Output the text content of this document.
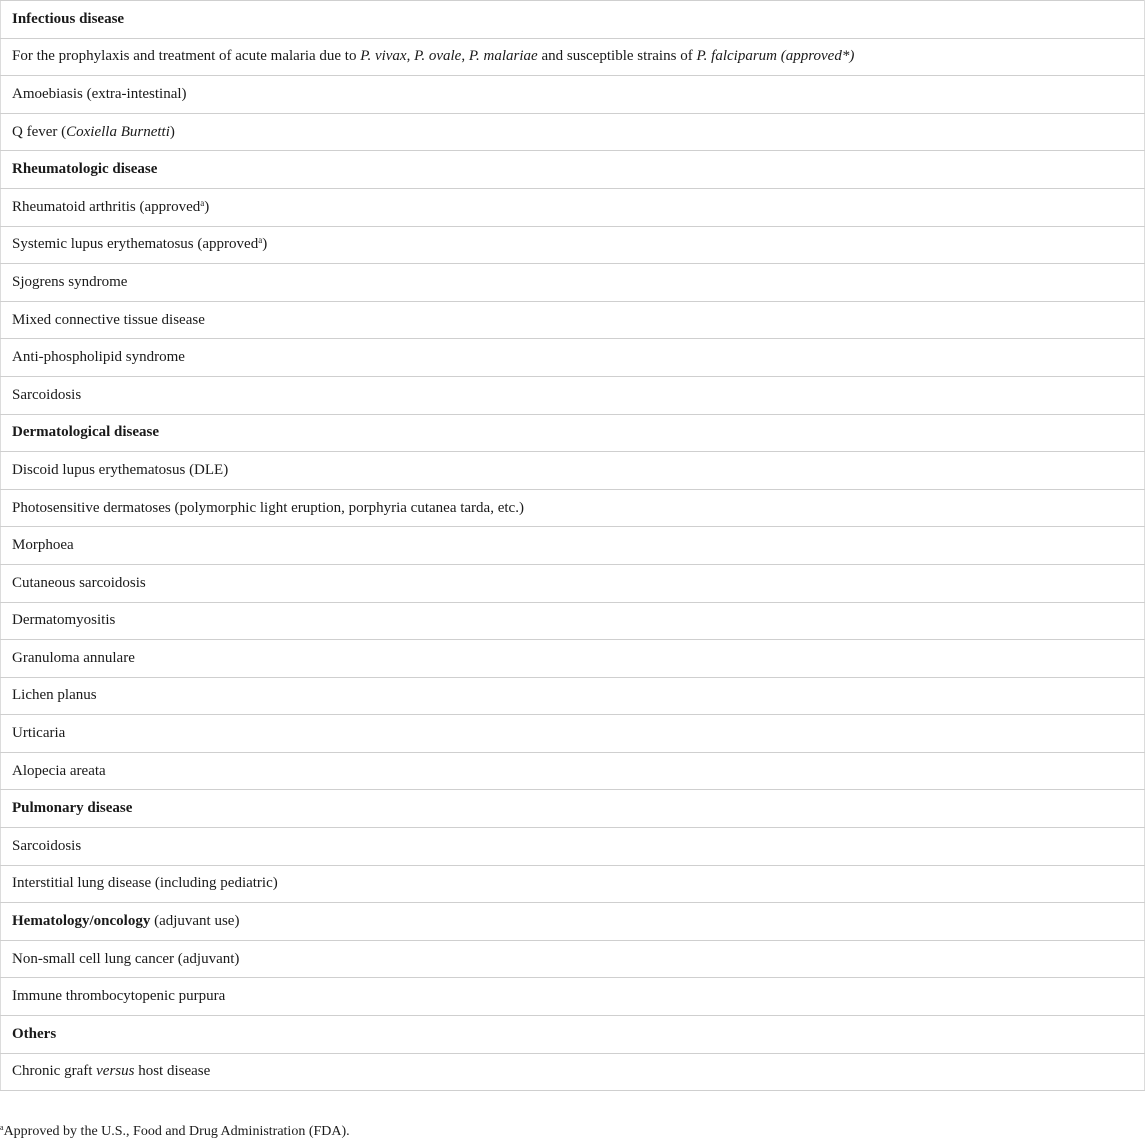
Infectious disease
For the prophylaxis and treatment of acute malaria due to P. vivax, P. ovale, P. malariae and susceptible strains of P. falciparum (approved*)
Amoebiasis (extra-intestinal)
Q fever (Coxiella Burnetti)
Rheumatologic disease
Rheumatoid arthritis (approved$^a$)
Systemic lupus erythematosus (approved$^a$)
Sjogrens syndrome
Mixed connective tissue disease
Anti-phospholipid syndrome
Sarcoidosis
Dermatological disease
Discoid lupus erythematosus (DLE)
Photosensitive dermatoses (polymorphic light eruption, porphyria cutanea tarda, etc.)
Morphoea
Cutaneous sarcoidosis
Dermatomyositis
Granuloma annulare
Lichen planus
Urticaria
Alopecia areata
Pulmonary disease
Sarcoidosis
Interstitial lung disease (including pediatric)
Hematology/oncology (adjuvant use)
Non-small cell lung cancer (adjuvant)
Immune thrombocytopenic purpura
Others
Chronic graft versus host disease
$^a$Approved by the U.S., Food and Drug Administration (FDA).
